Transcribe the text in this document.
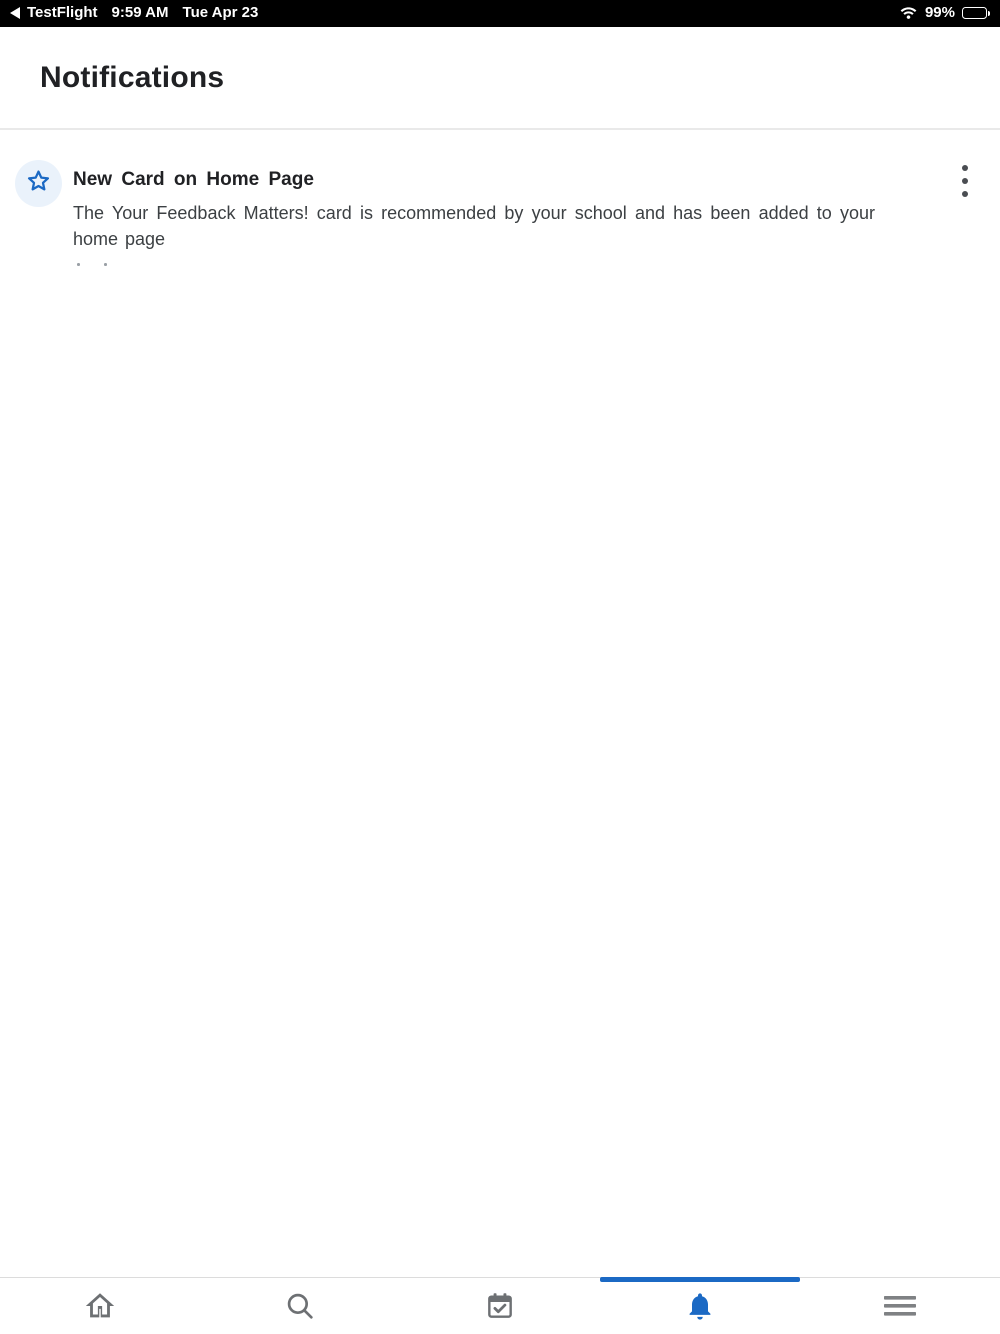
TestFlight 9:59 AM Tue Apr 23	99%
Notifications
New Card on Home Page
The Your Feedback Matters! card is recommended by your school and has been added to your home page
